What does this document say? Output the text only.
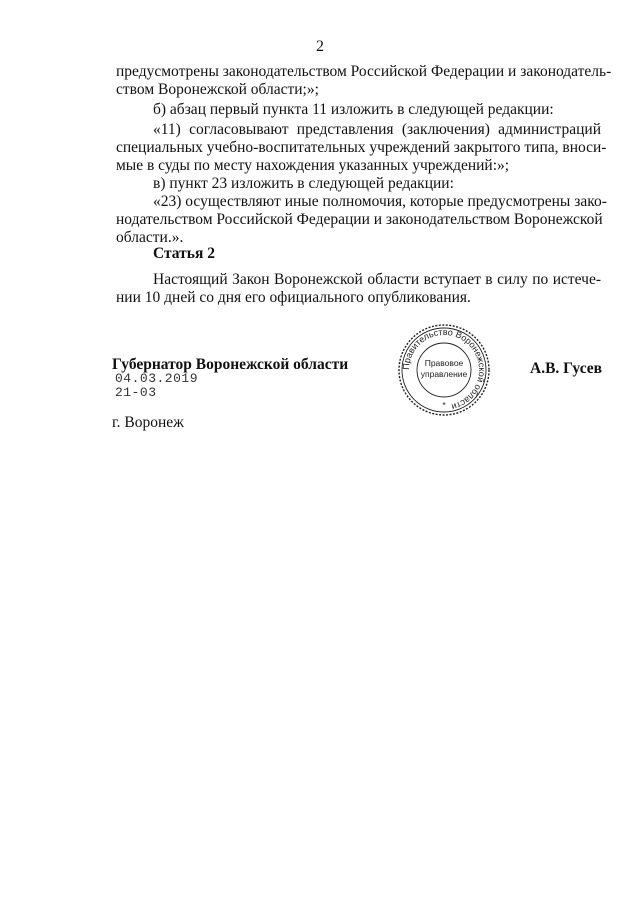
2
предусмотрены законодательством Российской Федерации и законодатель-
ством Воронежской области;»;
б) абзац первый пункта 11 изложить в следующей редакции:
«11) согласовывают представления (заключения) администраций
специальных учебно-воспитательных учреждений закрытого типа, вноси-
мые в суды по месту нахождения указанных учреждений:»;
в) пункт 23 изложить в следующей редакции:
«23) осуществляют иные полномочия, которые предусмотрены зако-
нодательством Российской Федерации и законодательством Воронежской
области.».
Статья 2
Настоящий Закон Воронежской области вступает в силу по истече-
нии 10 дней со дня его официального опубликования.
Губернатор Воронежской области
04.03.2019
21-03
Правительство Воронежской области
Правовое
управление
*
А.В. Гусев
г. Воронеж
